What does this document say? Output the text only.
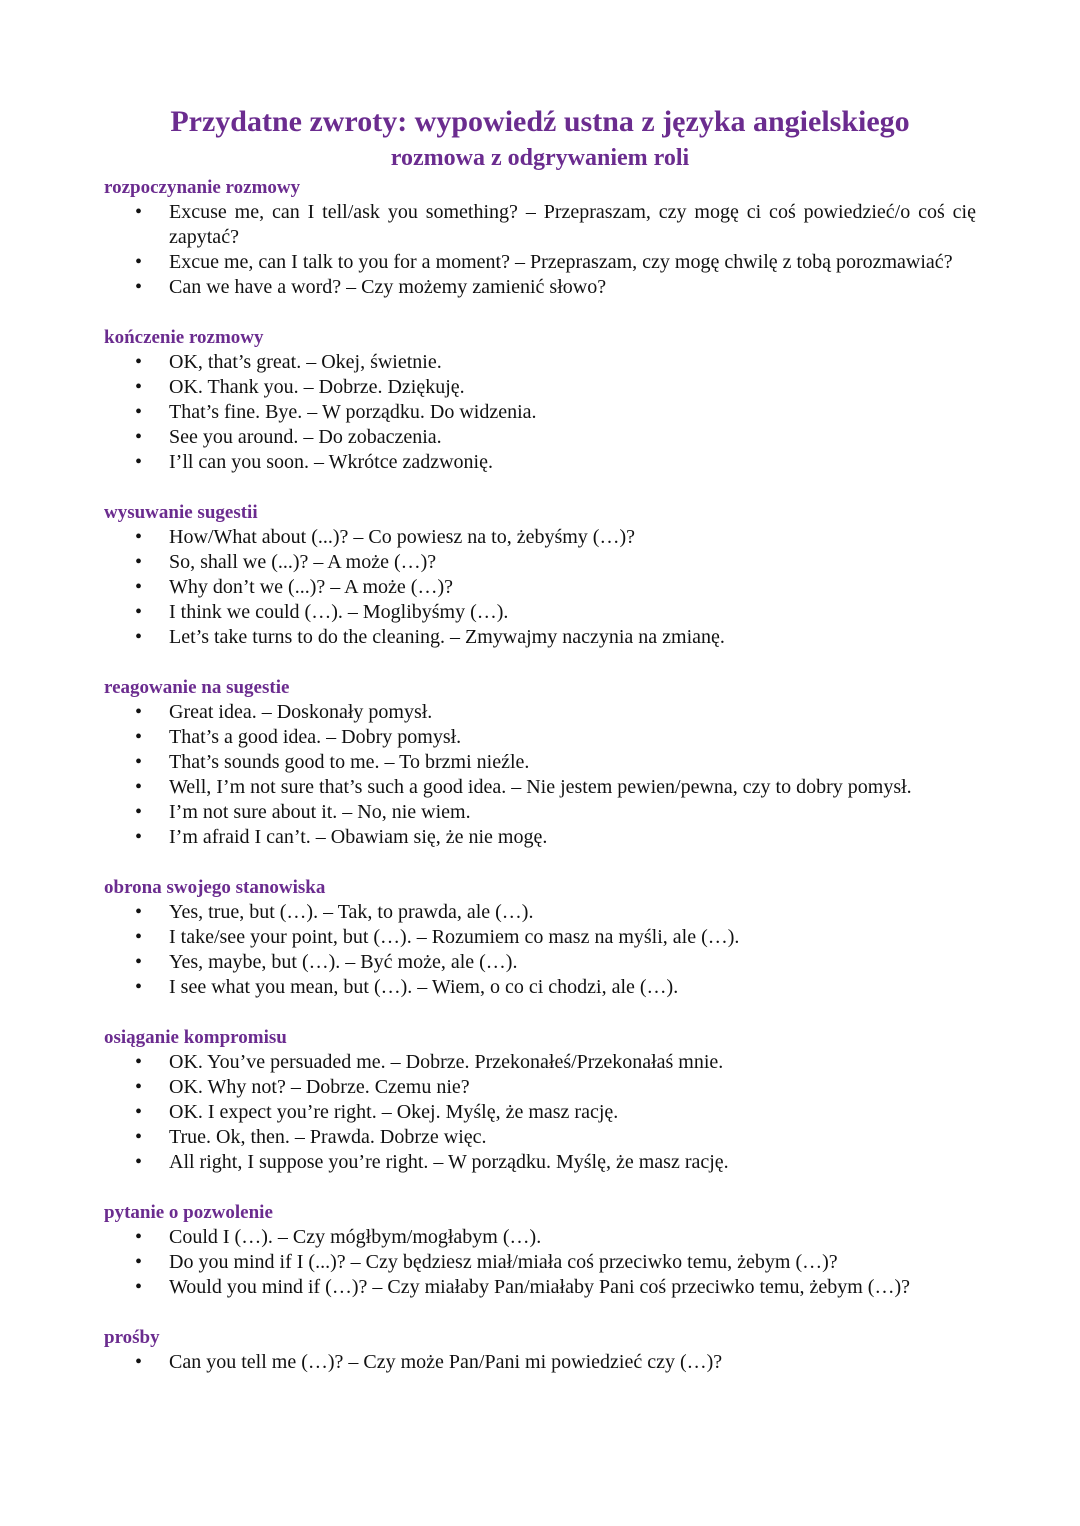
Przydatne zwroty: wypowiedź ustna z języka angielskiego
rozmowa z odgrywaniem roli
rozpoczynanie rozmowy
• Excuse me, can I tell/ask you something? – Przepraszam, czy mogę ci coś powiedzieć/o coś cię zapytać?
• Excue me, can I talk to you for a moment? – Przepraszam, czy mogę chwilę z tobą porozmawiać?
• Can we have a word? – Czy możemy zamienić słowo?
kończenie rozmowy
• OK, that’s great. – Okej, świetnie.
• OK. Thank you. – Dobrze. Dziękuję.
• That’s fine. Bye. – W porządku. Do widzenia.
• See you around. – Do zobaczenia.
• I’ll can you soon. – Wkrótce zadzwonię.
wysuwanie sugestii
• How/What about (...)? – Co powiesz na to, żebyśmy (…)?
• So, shall we (...)? – A może (…)?
• Why don’t we (...)? – A może (…)?
• I think we could (…). – Moglibyśmy (…).
• Let’s take turns to do the cleaning. – Zmywajmy naczynia na zmianę.
reagowanie na sugestie
• Great idea. – Doskonały pomysł.
• That’s a good idea. – Dobry pomysł.
• That’s sounds good to me. – To brzmi nieźle.
• Well, I’m not sure that’s such a good idea. – Nie jestem pewien/pewna, czy to dobry pomysł.
• I’m not sure about it. – No, nie wiem.
• I’m afraid I can’t. – Obawiam się, że nie mogę.
obrona swojego stanowiska
• Yes, true, but (…). – Tak, to prawda, ale (…).
• I take/see your point, but (…). – Rozumiem co masz na myśli, ale (…).
• Yes, maybe, but (…). – Być może, ale (…).
• I see what you mean, but (…). – Wiem, o co ci chodzi, ale (…).
osiąganie kompromisu
• OK. You’ve persuaded me. – Dobrze. Przekonałeś/Przekonałaś mnie.
• OK. Why not? – Dobrze. Czemu nie?
• OK. I expect you’re right. – Okej. Myślę, że masz rację.
• True. Ok, then. – Prawda. Dobrze więc.
• All right, I suppose you’re right. – W porządku. Myślę, że masz rację.
pytanie o pozwolenie
• Could I (…). – Czy mógłbym/mogłabym (…).
• Do you mind if I (...)? – Czy będziesz miał/miała coś przeciwko temu, żebym (…)?
• Would you mind if (…)? – Czy miałaby Pan/miałaby Pani coś przeciwko temu, żebym (…)?
prośby
• Can you tell me (…)? – Czy może Pan/Pani mi powiedzieć czy (…)?
